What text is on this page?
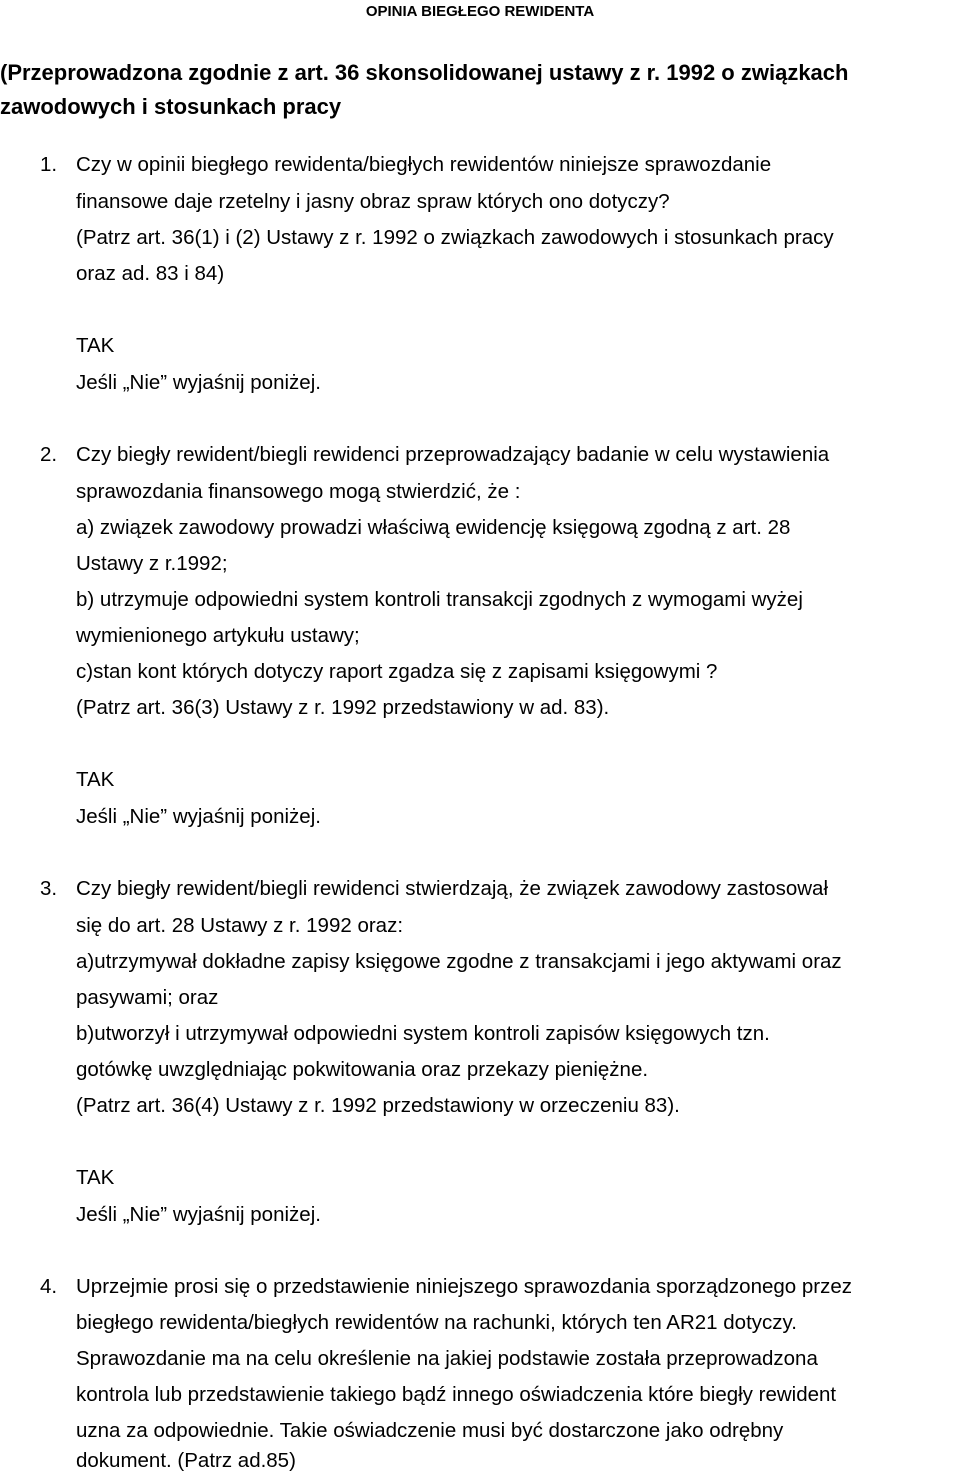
OPINIA BIEGŁEGO REWIDENTA
(Przeprowadzona zgodnie z art. 36 skonsolidowanej ustawy z r. 1992 o związkach
zawodowych i stosunkach pracy
1. Czy w opinii biegłego rewidenta/biegłych rewidentów niniejsze sprawozdanie
finansowe daje rzetelny i jasny obraz spraw których ono dotyczy?
(Patrz art. 36(1) i (2) Ustawy z r. 1992 o związkach zawodowych i stosunkach pracy
oraz ad. 83 i 84)
TAK
Jeśli „Nie” wyjaśnij poniżej.
2. Czy biegły rewident/biegli rewidenci przeprowadzający badanie w celu wystawienia
sprawozdania finansowego mogą stwierdzić, że :
a) związek zawodowy prowadzi właściwą ewidencję księgową zgodną z art. 28
Ustawy z r.1992;
b) utrzymuje odpowiedni system kontroli transakcji zgodnych z wymogami wyżej
wymienionego artykułu ustawy;
c)stan kont których dotyczy raport zgadza się z zapisami księgowymi ?
(Patrz art. 36(3) Ustawy z r. 1992 przedstawiony w ad. 83).
TAK
Jeśli „Nie” wyjaśnij poniżej.
3. Czy biegły rewident/biegli rewidenci stwierdzają, że związek zawodowy zastosował
się do art. 28 Ustawy z r. 1992 oraz:
a)utrzymywał dokładne zapisy księgowe zgodne z transakcjami i jego aktywami oraz
pasywami; oraz
b)utworzył i utrzymywał odpowiedni system kontroli zapisów księgowych tzn.
gotówkę uwzględniając pokwitowania oraz przekazy pieniężne.
(Patrz art. 36(4) Ustawy z r. 1992 przedstawiony w orzeczeniu 83).
TAK
Jeśli „Nie” wyjaśnij poniżej.
4. Uprzejmie prosi się o przedstawienie niniejszego sprawozdania sporządzonego przez
biegłego rewidenta/biegłych rewidentów na rachunki, których ten AR21 dotyczy.
Sprawozdanie ma na celu określenie na jakiej podstawie została przeprowadzona
kontrola lub przedstawienie takiego bądź innego oświadczenia które biegły rewident
uzna za odpowiednie. Takie oświadczenie musi być dostarczone jako odrębny
dokument. (Patrz ad.85)
